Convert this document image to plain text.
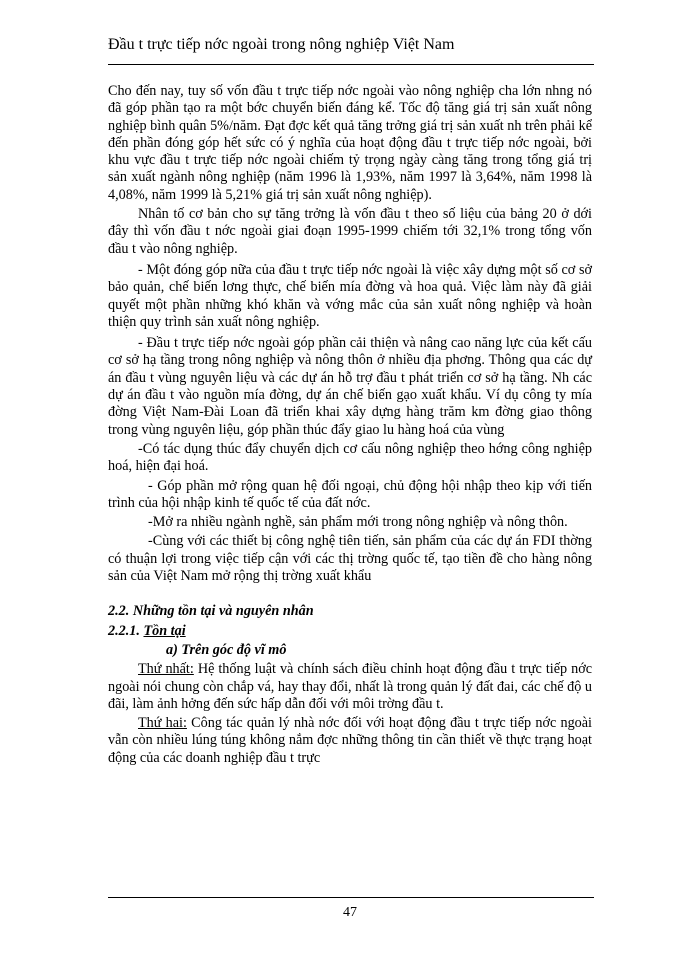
Đầu t trực tiếp nớc ngoài trong nông nghiệp Việt Nam

Cho đến nay, tuy số vốn đầu t trực tiếp nớc ngoài vào nông nghiệp cha lớn nhng nó đã góp phần tạo ra một bớc chuyển biến đáng kể. Tốc độ tăng giá trị sản xuất nông nghiệp bình quân 5%/năm. Đạt đợc kết quả tăng trởng giá trị sản xuất nh trên phải kể đến phần đóng góp hết sức có ý nghĩa của hoạt động đầu t trực tiếp nớc ngoài, bởi khu vực đầu t trực tiếp nớc ngoài chiếm tỷ trọng ngày càng tăng trong tổng giá trị sản xuất ngành nông nghiệp (năm 1996 là 1,93%, năm 1997 là 3,64%, năm 1998 là 4,08%, năm 1999 là 5,21% giá trị sản xuất nông nghiệp).

Nhân tố cơ bản cho sự tăng trởng là vốn đầu t theo số liệu của bảng 20 ở dới đây thì vốn đầu t nớc ngoài giai đoạn 1995-1999 chiếm tới 32,1% trong tổng vốn đầu t vào nông nghiệp.

- Một đóng góp nữa của đầu t trực tiếp nớc ngoài là việc xây dựng một số cơ sở bảo quản, chế biến lơng thực, chế biến mía đờng và hoa quả. Việc làm này đã giải quyết một phần những khó khăn và vớng mắc của sản xuất nông nghiệp và hoàn thiện quy trình sản xuất nông nghiệp.

- Đầu t trực tiếp nớc ngoài góp phần cải thiện và nâng cao năng lực của kết cấu cơ sở hạ tầng trong nông nghiệp và nông thôn ở nhiều địa phơng. Thông qua các dự án đầu t vùng nguyên liệu và các dự án hỗ trợ đầu t phát triển cơ sở hạ tầng. Nh các dự án đầu t vào nguồn mía đờng, dự án chế biến gạo xuất khẩu. Ví dụ công ty mía đờng Việt Nam-Đài Loan đã triển khai xây dựng hàng trăm km đờng giao thông trong vùng nguyên liệu, góp phần thúc đẩy giao lu hàng hoá của vùng

-Có tác dụng thúc đẩy chuyển dịch cơ cấu nông nghiệp theo hớng công nghiệp hoá, hiện đại hoá.

- Góp phần mở rộng quan hệ đối ngoại, chủ động hội nhập theo kịp với tiến trình của hội nhập kinh tế quốc tế của đất nớc.

-Mở ra nhiều ngành nghề, sản phẩm mới trong nông nghiệp và nông thôn.

-Cùng với các thiết bị công nghệ tiên tiến, sản phẩm của các dự án FDI thờng có thuận lợi trong việc tiếp cận với các thị trờng quốc tế, tạo tiền đề cho hàng nông sản của Việt Nam mở rộng thị trờng xuất khẩu

2.2. Những tồn tại và nguyên nhân

2.2.1. Tồn tại

a) Trên góc độ vĩ mô

Thứ nhất: Hệ thống luật và chính sách điều chỉnh hoạt động đầu t trực tiếp nớc ngoài nói chung còn chắp vá, hay thay đổi, nhất là trong quản lý đất đai, các chế độ u đãi, làm ảnh hởng đến sức hấp dẫn đối với môi trờng đầu t.

Thứ hai: Công tác quản lý nhà nớc đối với hoạt động đầu t trực tiếp nớc ngoài vẫn còn nhiều lúng túng không nắm đợc những thông tin cần thiết về thực trạng hoạt động của các doanh nghiệp đầu t trực

47
